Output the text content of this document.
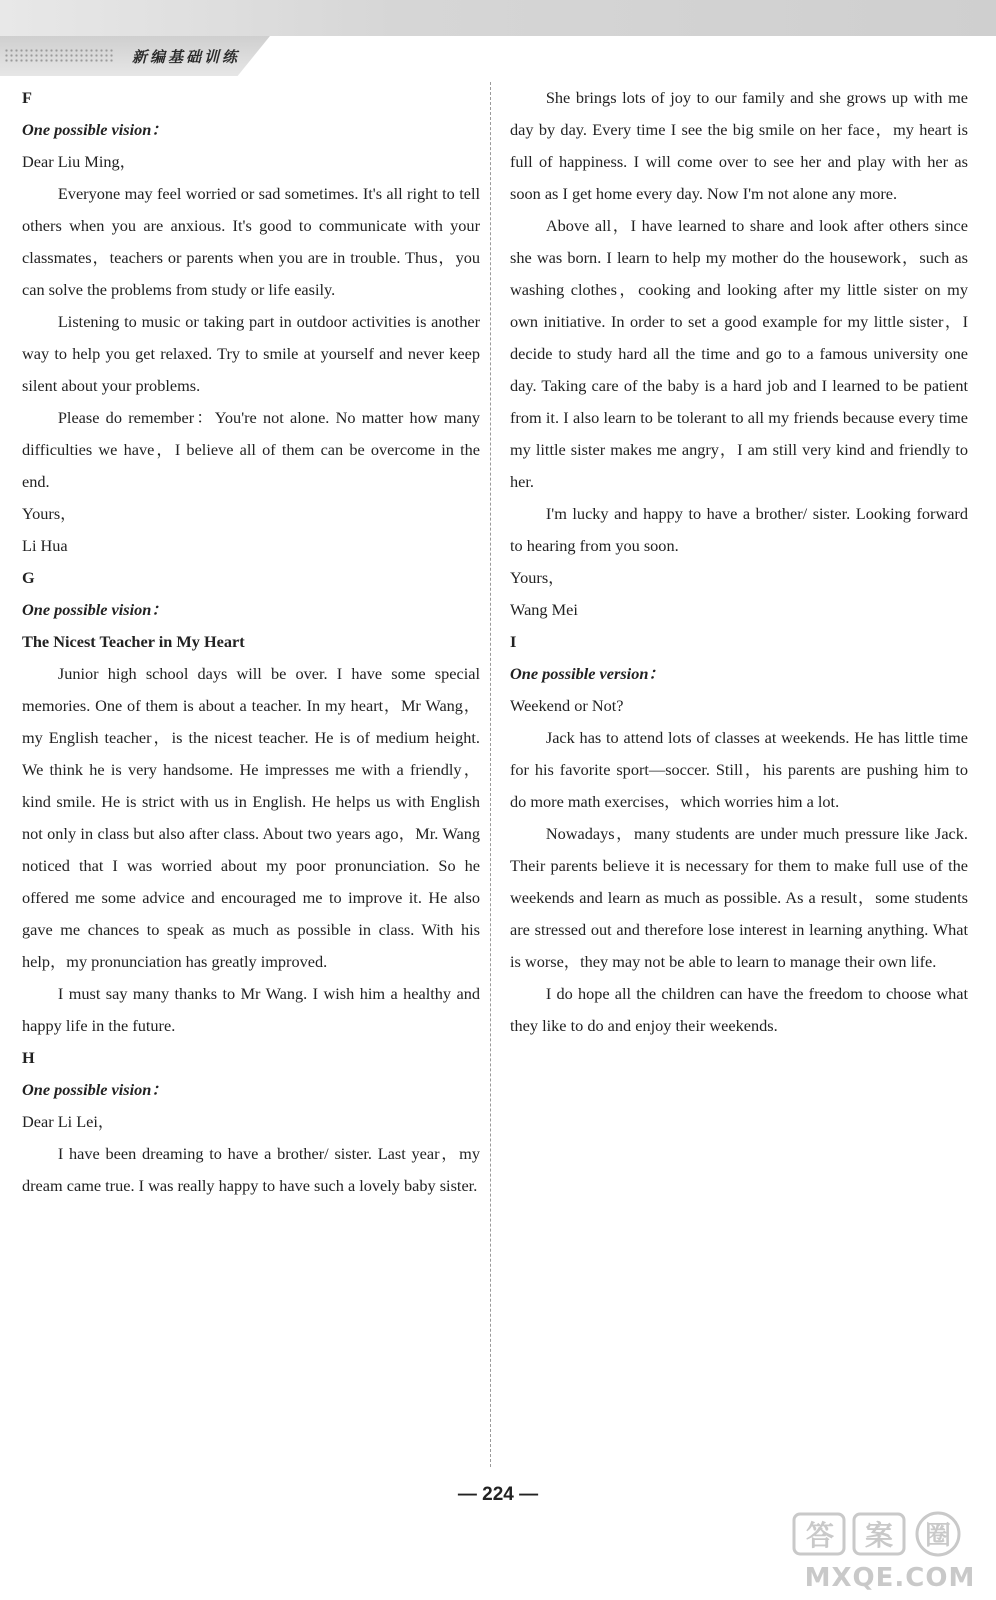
新编基础训练

F

One possible vision：

Dear Liu Ming，

Everyone may feel worried or sad sometimes. It's all right to tell others when you are anxious. It's good to communicate with your classmates，teachers or parents when you are in trouble. Thus，you can solve the problems from study or life easily.

Listening to music or taking part in outdoor activities is another way to help you get relaxed. Try to smile at yourself and never keep silent about your problems.

Please do remember：You're not alone. No matter how many difficulties we have，I believe all of them can be overcome in the end.

Yours，

Li Hua

G

One possible vision：

The Nicest Teacher in My Heart

Junior high school days will be over. I have some special memories. One of them is about a teacher. In my heart，Mr Wang，my English teacher，is the nicest teacher. He is of medium height. We think he is very handsome. He impresses me with a friendly，kind smile. He is strict with us in English. He helps us with English not only in class but also after class. About two years ago，Mr. Wang noticed that I was worried about my poor pronunciation. So he offered me some advice and encouraged me to improve it. He also gave me chances to speak as much as possible in class. With his help，my pronunciation has greatly improved.

I must say many thanks to Mr Wang. I wish him a healthy and happy life in the future.

H

One possible vision：

Dear Li Lei，

I have been dreaming to have a brother/ sister. Last year，my dream came true. I was really happy to have such a lovely baby sister.

She brings lots of joy to our family and she grows up with me day by day. Every time I see the big smile on her face，my heart is full of happiness. I will come over to see her and play with her as soon as I get home every day. Now I'm not alone any more.

Above all，I have learned to share and look after others since she was born. I learn to help my mother do the housework，such as washing clothes，cooking and looking after my little sister on my own initiative. In order to set a good example for my little sister，I decide to study hard all the time and go to a famous university one day. Taking care of the baby is a hard job and I learned to be patient from it. I also learn to be tolerant to all my friends because every time my little sister makes me angry，I am still very kind and friendly to her.

I'm lucky and happy to have a brother/ sister. Looking forward to hearing from you soon.

Yours，

Wang Mei

I

One possible version：

Weekend or Not?

Jack has to attend lots of classes at weekends. He has little time for his favorite sport—soccer. Still，his parents are pushing him to do more math exercises，which worries him a lot.

Nowadays，many students are under much pressure like Jack. Their parents believe it is necessary for them to make full use of the weekends and learn as much as possible. As a result，some students are stressed out and therefore lose interest in learning anything. What is worse，they may not be able to learn to manage their own life.

I do hope all the children can have the freedom to choose what they like to do and enjoy their weekends.

— 224 —
答 案 圈
MXQE.COM
